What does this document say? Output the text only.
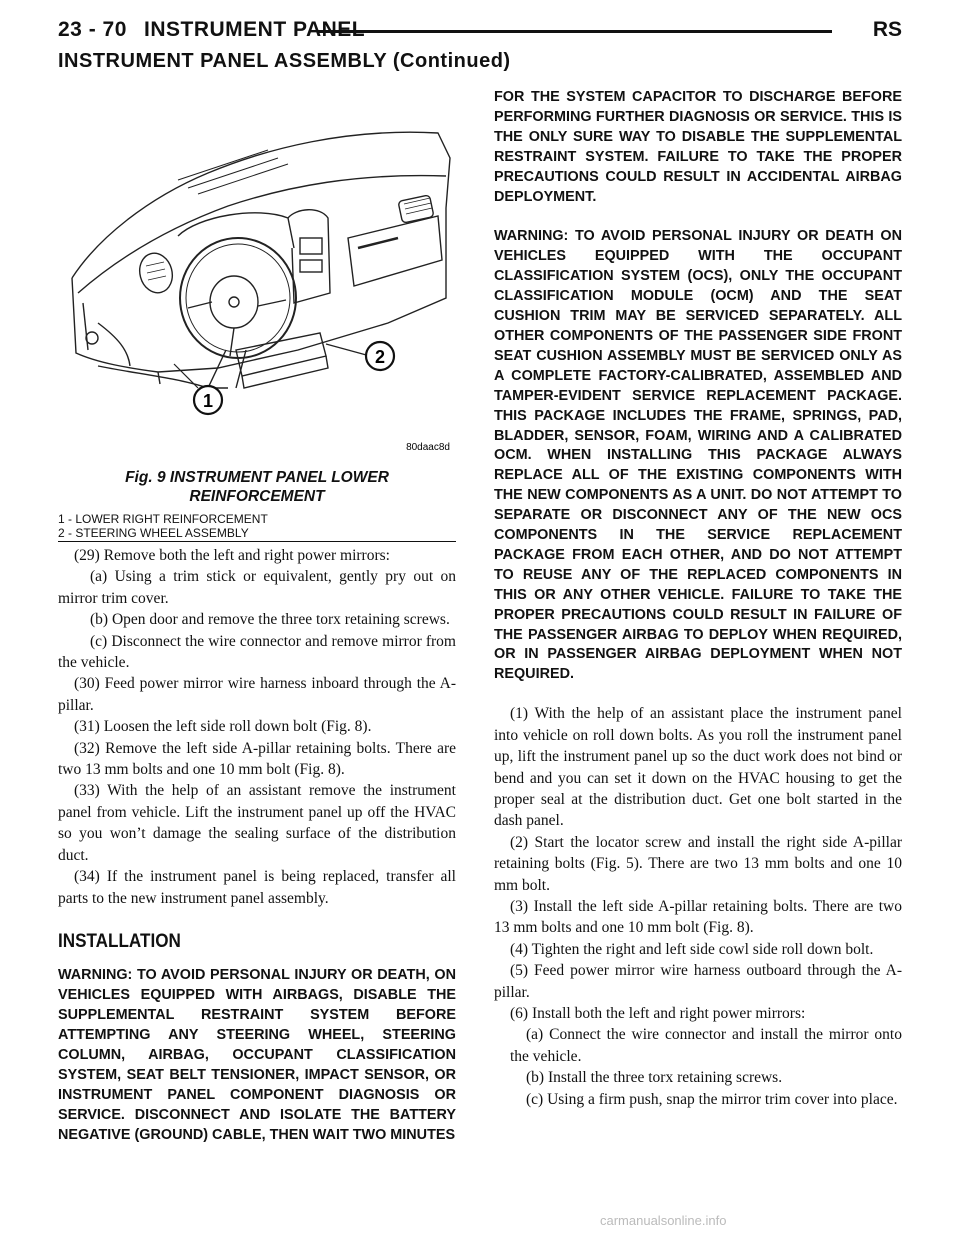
23 - 70 INSTRUMENT PANEL	RS
INSTRUMENT PANEL ASSEMBLY (Continued)
1
2
80daac8d
Fig. 9 INSTRUMENT PANEL LOWER
REINFORCEMENT
1 - LOWER RIGHT REINFORCEMENT
2 - STEERING WHEEL ASSEMBLY

(29) Remove both the left and right power mirrors:

(a) Using a trim stick or equivalent, gently pry out on mirror trim cover.

(b) Open door and remove the three torx retaining screws.

(c) Disconnect the wire connector and remove mirror from the vehicle.

(30) Feed power mirror wire harness inboard through the A-pillar.

(31) Loosen the left side roll down bolt (Fig. 8).

(32) Remove the left side A-pillar retaining bolts. There are two 13 mm bolts and one 10 mm bolt (Fig. 8).

(33) With the help of an assistant remove the instrument panel from vehicle. Lift the instrument panel up off the HVAC so you won’t damage the sealing surface of the distribution duct.

(34) If the instrument panel is being replaced, transfer all parts to the new instrument panel assembly.

INSTALLATION

WARNING: TO AVOID PERSONAL INJURY OR DEATH, ON VEHICLES EQUIPPED WITH AIRBAGS, DISABLE THE SUPPLEMENTAL RESTRAINT SYSTEM BEFORE ATTEMPTING ANY STEERING WHEEL, STEERING COLUMN, AIRBAG, OCCUPANT CLASSIFICATION SYSTEM, SEAT BELT TENSIONER, IMPACT SENSOR, OR INSTRUMENT PANEL COMPONENT DIAGNOSIS OR SERVICE. DISCONNECT AND ISOLATE THE BATTERY NEGATIVE (GROUND) CABLE, THEN WAIT TWO MINUTES

FOR THE SYSTEM CAPACITOR TO DISCHARGE BEFORE PERFORMING FURTHER DIAGNOSIS OR SERVICE. THIS IS THE ONLY SURE WAY TO DISABLE THE SUPPLEMENTAL RESTRAINT SYSTEM. FAILURE TO TAKE THE PROPER PRECAUTIONS COULD RESULT IN ACCIDENTAL AIRBAG DEPLOYMENT.

WARNING: TO AVOID PERSONAL INJURY OR DEATH ON VEHICLES EQUIPPED WITH THE OCCUPANT CLASSIFICATION SYSTEM (OCS), ONLY THE OCCUPANT CLASSIFICATION MODULE (OCM) AND THE SEAT CUSHION TRIM MAY BE SERVICED SEPARATELY. ALL OTHER COMPONENTS OF THE PASSENGER SIDE FRONT SEAT CUSHION ASSEMBLY MUST BE SERVICED ONLY AS A COMPLETE FACTORY-CALIBRATED, ASSEMBLED AND TAMPER-EVIDENT SERVICE REPLACEMENT PACKAGE. THIS PACKAGE INCLUDES THE FRAME, SPRINGS, PAD, BLADDER, SENSOR, FOAM, WIRING AND A CALIBRATED OCM. WHEN INSTALLING THIS PACKAGE ALWAYS REPLACE ALL OF THE EXISTING COMPONENTS WITH THE NEW COMPONENTS AS A UNIT. DO NOT ATTEMPT TO SEPARATE OR DISCONNECT ANY OF THE NEW OCS COMPONENTS IN THE SERVICE REPLACEMENT PACKAGE FROM EACH OTHER, AND DO NOT ATTEMPT TO REUSE ANY OF THE REPLACED COMPONENTS IN THIS OR ANY OTHER VEHICLE. FAILURE TO TAKE THE PROPER PRECAUTIONS COULD RESULT IN FAILURE OF THE PASSENGER AIRBAG TO DEPLOY WHEN REQUIRED, OR IN PASSENGER AIRBAG DEPLOYMENT WHEN NOT REQUIRED.

(1) With the help of an assistant place the instrument panel into vehicle on roll down bolts. As you roll the instrument panel up, lift the instrument panel up so the duct work does not bind or bend and you can set it down on the HVAC housing to get the proper seal at the distribution duct. Get one bolt started in the dash panel.

(2) Start the locator screw and install the right side A-pillar retaining bolts (Fig. 5). There are two 13 mm bolts and one 10 mm bolt.

(3) Install the left side A-pillar retaining bolts. There are two 13 mm bolts and one 10 mm bolt (Fig. 8).

(4) Tighten the right and left side cowl side roll down bolt.

(5) Feed power mirror wire harness outboard through the A-pillar.

(6) Install both the left and right power mirrors:

(a) Connect the wire connector and install the mirror onto the vehicle.

(b) Install the three torx retaining screws.

(c) Using a firm push, snap the mirror trim cover into place.

carmanualsonline.info
